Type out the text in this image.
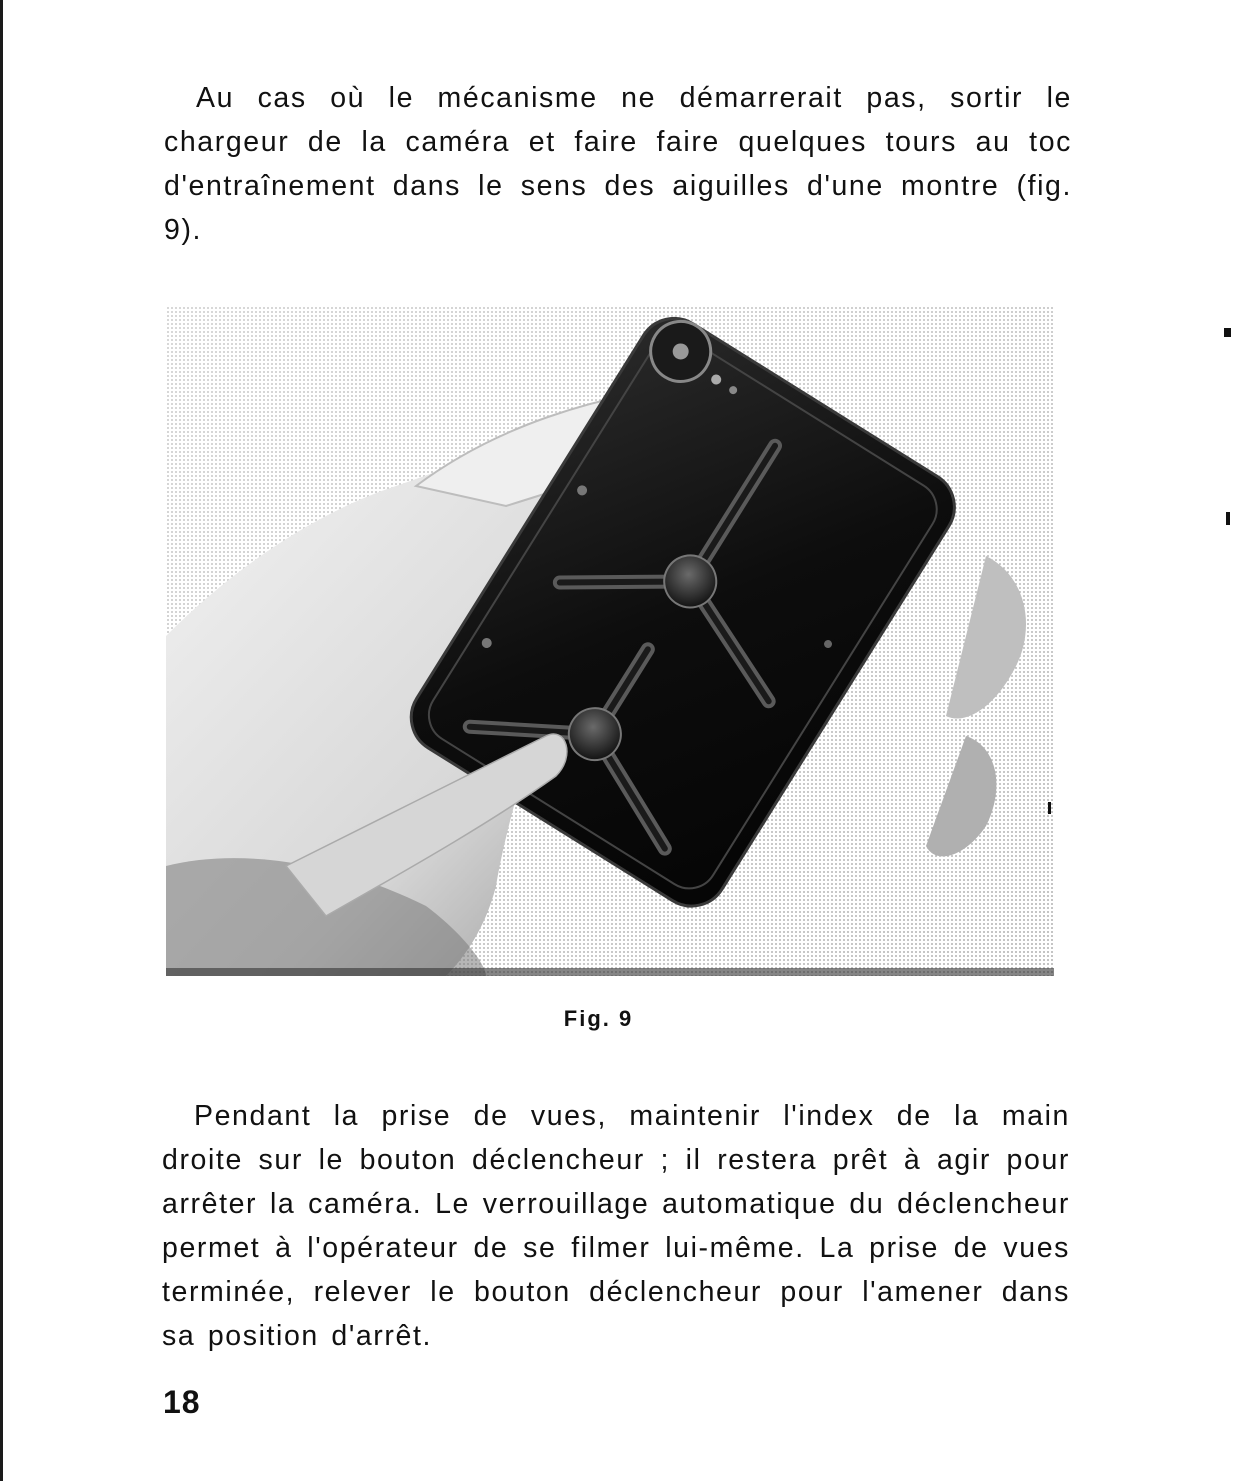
Au cas où le mécanisme ne démarrerait pas, sortir le chargeur de la caméra et faire faire quelques tours au toc d'entraînement dans le sens des aiguilles d'une montre (fig. 9).

Fig. 9

Pendant la prise de vues, maintenir l'index de la main droite sur le bouton déclencheur ; il restera prêt à agir pour arrêter la caméra. Le verrouillage automatique du déclencheur permet à l'opérateur de se filmer lui-même. La prise de vues terminée, relever le bouton déclencheur pour l'amener dans sa position d'arrêt.

18
